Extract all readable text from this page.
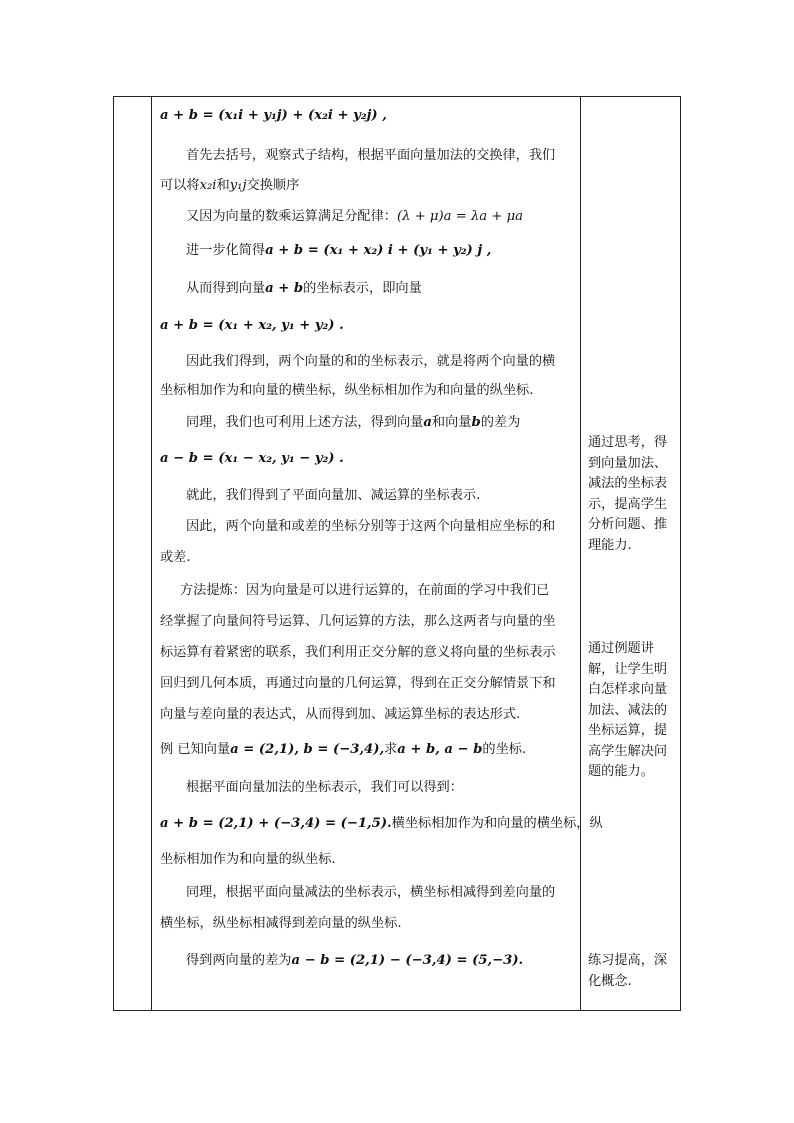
a + b = (x₁i + y₁j) + (x₂i + y₂j) ,
首先去括号，观察式子结构，根据平面向量加法的交换律，我们
可以将x₂i和y₁j交换顺序
又因为向量的数乘运算满足分配律：(λ + μ)a = λa + μa
进一步化简得a + b = (x₁ + x₂) i + (y₁ + y₂) j ,
从而得到向量a + b的坐标表示，即向量
a + b = (x₁ + x₂, y₁ + y₂) .
因此我们得到，两个向量的和的坐标表示，就是将两个向量的横
坐标相加作为和向量的横坐标，纵坐标相加作为和向量的纵坐标.
同理，我们也可利用上述方法，得到向量a和向量b的差为
a − b = (x₁ − x₂, y₁ − y₂) .
就此，我们得到了平面向量加、减运算的坐标表示.
因此，两个向量和或差的坐标分别等于这两个向量相应坐标的和
或差.
方法提炼：因为向量是可以进行运算的，在前面的学习中我们已
经掌握了向量间符号运算、几何运算的方法，那么这两者与向量的坐
标运算有着紧密的联系，我们利用正交分解的意义将向量的坐标表示
回归到几何本质，再通过向量的几何运算，得到在正交分解情景下和
向量与差向量的表达式，从而得到加、减运算坐标的表达形式.
例 已知向量a = (2,1), b = (−3,4),求a + b, a − b的坐标.
根据平面向量加法的坐标表示，我们可以得到：
a + b = (2,1) + (−3,4) = (−1,5).横坐标相加作为和向量的横坐标，纵
坐标相加作为和向量的纵坐标.
同理，根据平面向量减法的坐标表示，横坐标相减得到差向量的
横坐标，纵坐标相减得到差向量的纵坐标.
得到两向量的差为a − b = (2,1) − (−3,4) = (5,−3).
通过思考，得到向量加法、减法的坐标表示，提高学生分析问题、推理能力.
通过例题讲解，让学生明白怎样求向量加法、减法的坐标运算，提高学生解决问题的能力。
练习提高，深化概念.
